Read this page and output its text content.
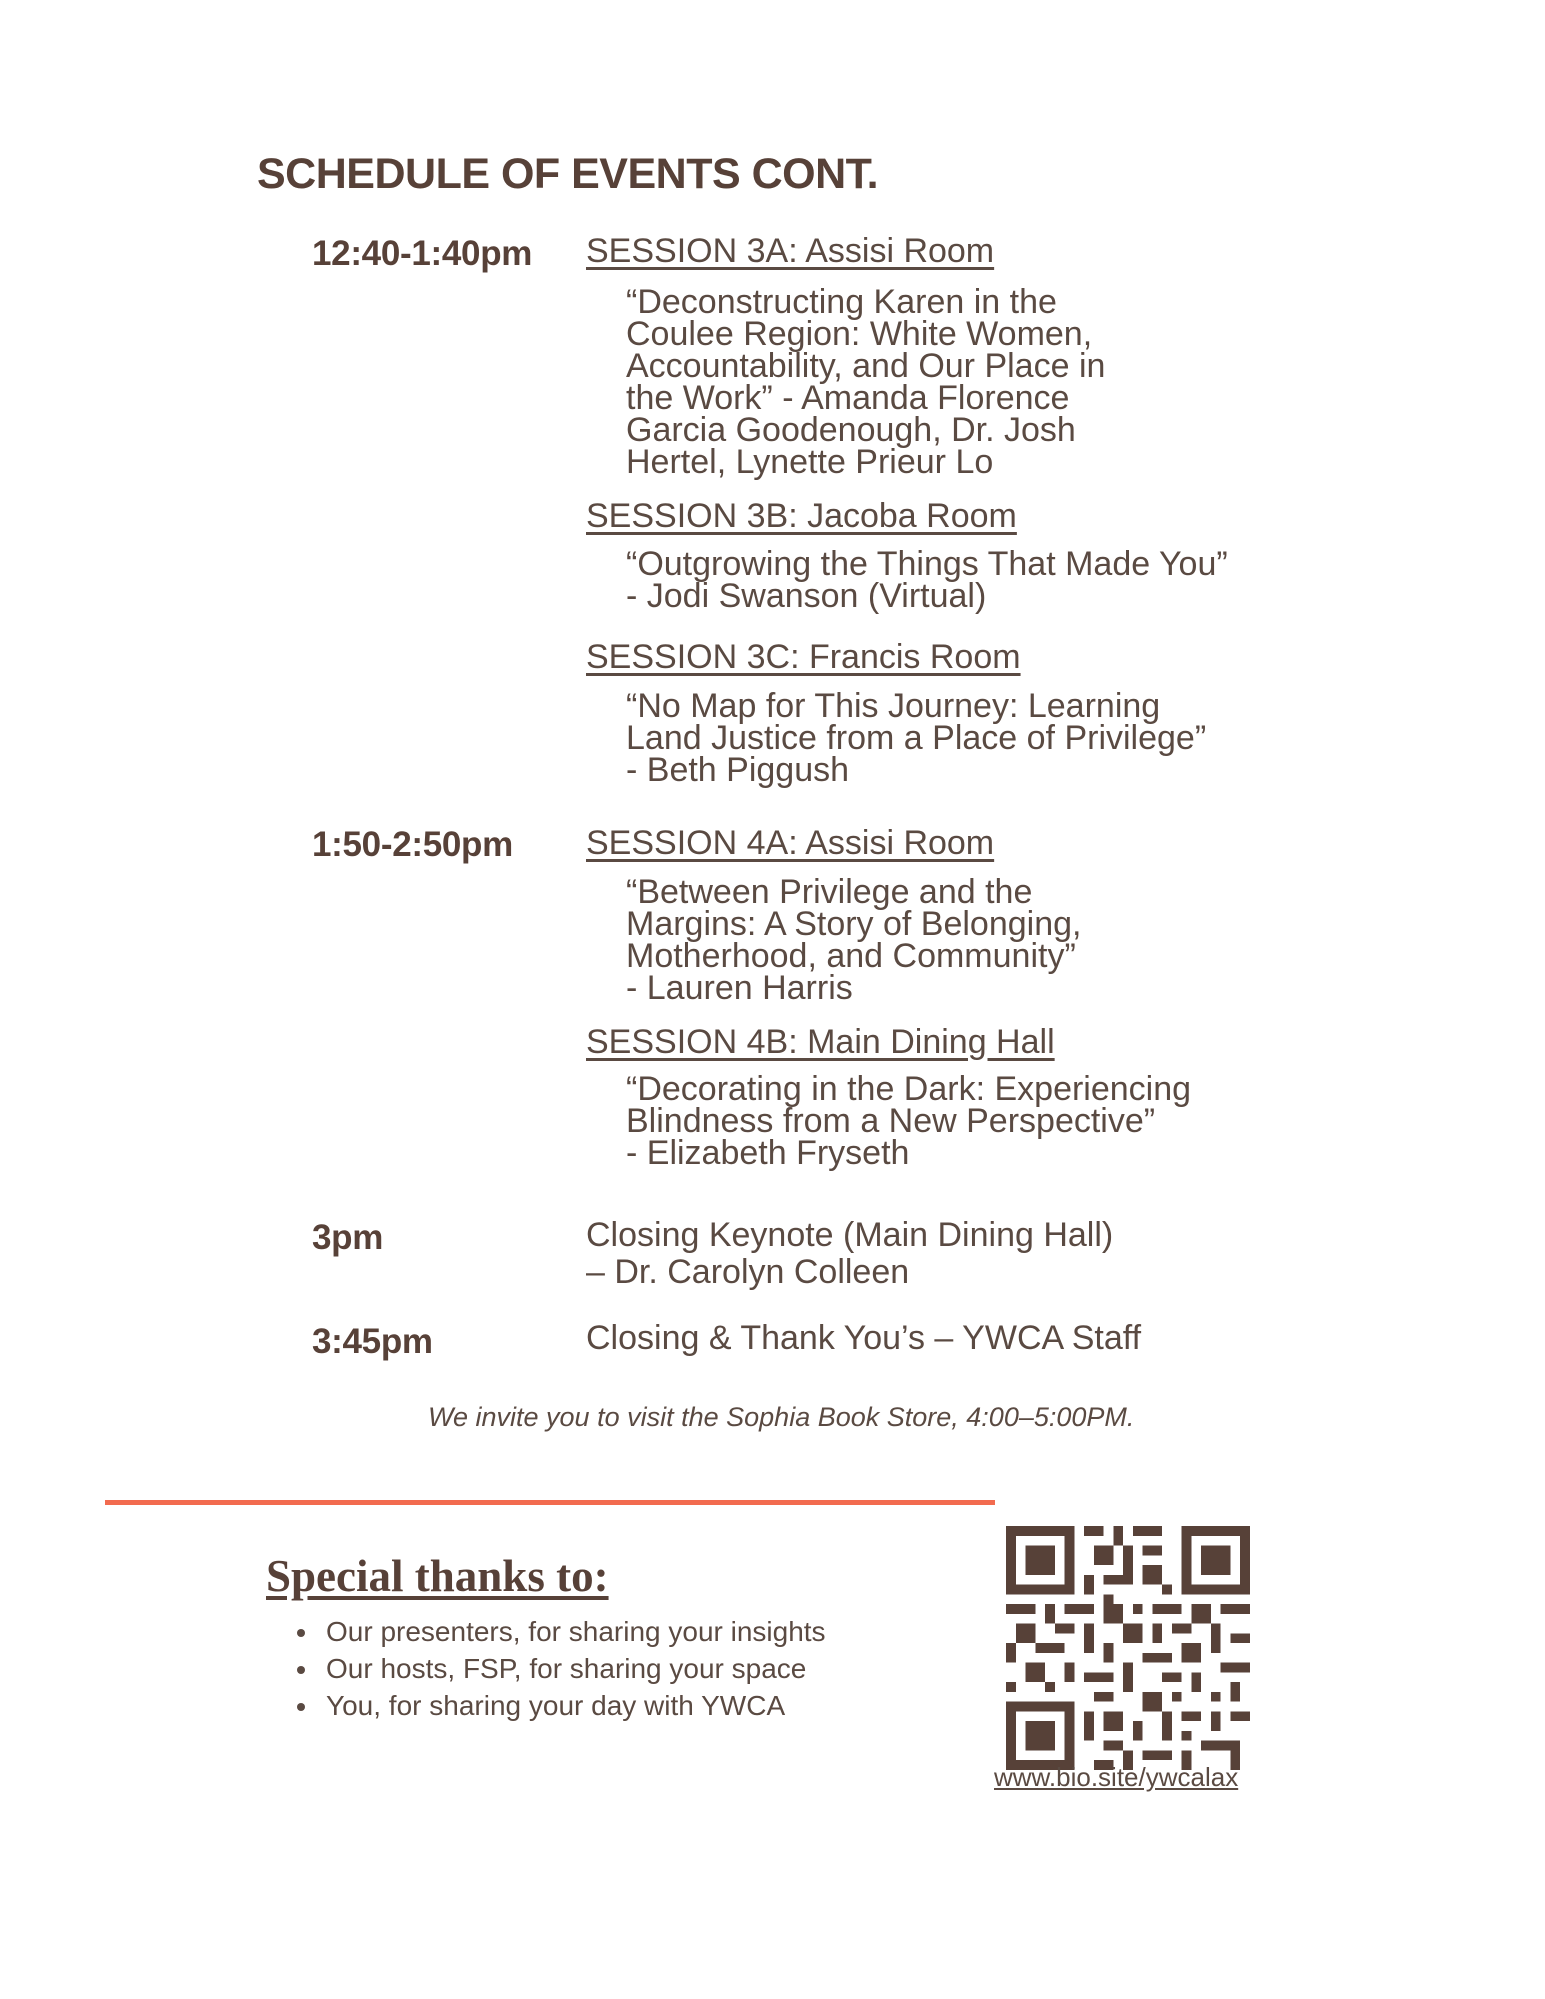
SCHEDULE OF EVENTS CONT.
12:40-1:40pm SESSION 3A: Assisi Room
“Deconstructing Karen in the
Coulee Region: White Women,
Accountability, and Our Place in
the Work” - Amanda Florence
Garcia Goodenough, Dr. Josh
Hertel, Lynette Prieur Lo
SESSION 3B: Jacoba Room
“Outgrowing the Things That Made You”
- Jodi Swanson (Virtual)
SESSION 3C: Francis Room
“No Map for This Journey: Learning
Land Justice from a Place of Privilege”
- Beth Piggush
1:50-2:50pm SESSION 4A: Assisi Room
“Between Privilege and the
Margins: A Story of Belonging,
Motherhood, and Community”
- Lauren Harris
SESSION 4B: Main Dining Hall
“Decorating in the Dark: Experiencing
Blindness from a New Perspective”
- Elizabeth Fryseth
3pm	Closing Keynote (Main Dining Hall)
– Dr. Carolyn Colleen
3:45pm	Closing & Thank You’s – YWCA Staff
We invite you to visit the Sophia Book Store, 4:00–5:00PM.
Special thanks to:
• Our presenters, for sharing your insights
• Our hosts, FSP, for sharing your space
• You, for sharing your day with YWCA
www.bio.site/ywcalax
